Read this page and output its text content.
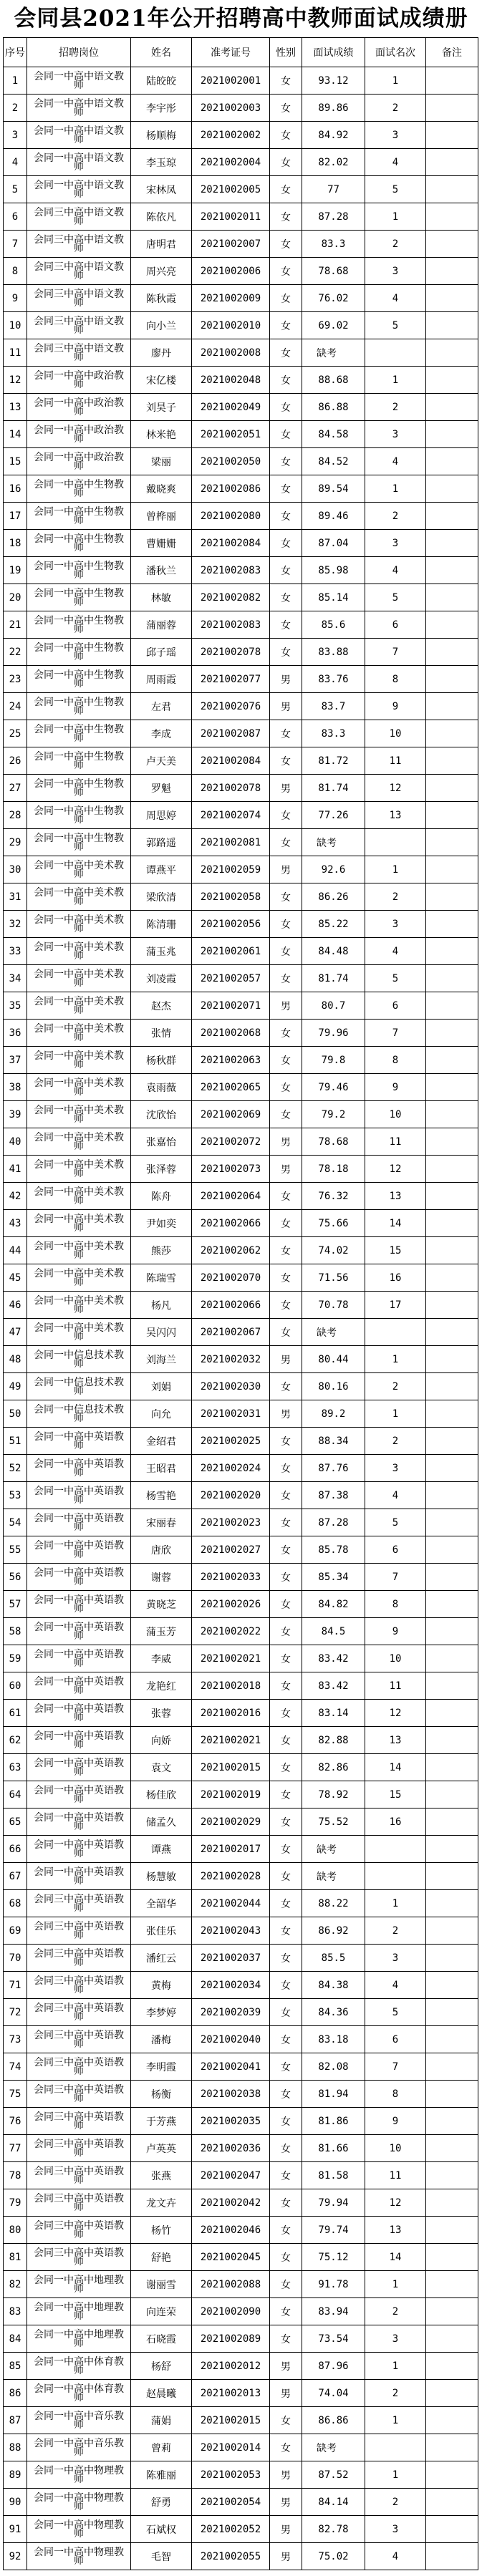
会同县2021年公开招聘高中教师面试成绩册
序号	招聘岗位	姓名	准考证号	性别	面试成绩	面试名次	备注
1	会同一中高中语文教师	陆皎皎	2021002001	女	93.12	1	
2	会同一中高中语文教师	李宇彤	2021002003	女	89.86	2	
3	会同一中高中语文教师	杨顺梅	2021002002	女	84.92	3	
4	会同一中高中语文教师	李玉琼	2021002004	女	82.02	4	
5	会同一中高中语文教师	宋林凤	2021002005	女	77	5	
6	会同三中高中语文教师	陈依凡	2021002011	女	87.28	1	
7	会同三中高中语文教师	唐明君	2021002007	女	83.3	2	
8	会同三中高中语文教师	周兴亮	2021002006	女	78.68	3	
9	会同三中高中语文教师	陈秋霞	2021002009	女	76.02	4	
10	会同三中高中语文教师	向小兰	2021002010	女	69.02	5	
11	会同三中高中语文教师	廖丹	2021002008	女	缺考		
12	会同一中高中政治教师	宋亿楼	2021002048	女	88.68	1	
13	会同一中高中政治教师	刘昊子	2021002049	女	86.88	2	
14	会同一中高中政治教师	林米艳	2021002051	女	84.58	3	
15	会同一中高中政治教师	梁丽	2021002050	女	84.52	4	
16	会同一中高中生物教师	戴晓爽	2021002086	女	89.54	1	
17	会同一中高中生物教师	曾桦丽	2021002080	女	89.46	2	
18	会同一中高中生物教师	曹姗姗	2021002084	女	87.04	3	
19	会同一中高中生物教师	潘秋兰	2021002083	女	85.98	4	
20	会同一中高中生物教师	林敏	2021002082	女	85.14	5	
21	会同一中高中生物教师	蒲丽蓉	2021002083	女	85.6	6	
22	会同一中高中生物教师	邱子瑶	2021002078	女	83.88	7	
23	会同一中高中生物教师	周雨霞	2021002077	男	83.76	8	
24	会同一中高中生物教师	左君	2021002076	男	83.7	9	
25	会同一中高中生物教师	李成	2021002087	女	83.3	10	
26	会同一中高中生物教师	卢天美	2021002084	女	81.72	11	
27	会同一中高中生物教师	罗魁	2021002078	男	81.74	12	
28	会同一中高中生物教师	周思婷	2021002074	女	77.26	13	
29	会同一中高中生物教师	郭路遥	2021002081	女	缺考		
30	会同一中高中美术教师	谭燕平	2021002059	男	92.6	1	
31	会同一中高中美术教师	梁欣清	2021002058	女	86.26	2	
32	会同一中高中美术教师	陈清珊	2021002056	女	85.22	3	
33	会同一中高中美术教师	蒲玉兆	2021002061	女	84.48	4	
34	会同一中高中美术教师	刘凌霞	2021002057	女	81.74	5	
35	会同一中高中美术教师	赵杰	2021002071	男	80.7	6	
36	会同一中高中美术教师	张情	2021002068	女	79.96	7	
37	会同一中高中美术教师	杨秋群	2021002063	女	79.8	8	
38	会同一中高中美术教师	袁雨薇	2021002065	女	79.46	9	
39	会同一中高中美术教师	沈欣怡	2021002069	女	79.2	10	
40	会同一中高中美术教师	张嘉怡	2021002072	男	78.68	11	
41	会同一中高中美术教师	张泽蓉	2021002073	男	78.18	12	
42	会同一中高中美术教师	陈舟	2021002064	女	76.32	13	
43	会同一中高中美术教师	尹如奕	2021002066	女	75.66	14	
44	会同一中高中美术教师	熊莎	2021002062	女	74.02	15	
45	会同一中高中美术教师	陈瑞雪	2021002070	女	71.56	16	
46	会同一中高中美术教师	杨凡	2021002066	女	70.78	17	
47	会同一中高中美术教师	吴闪闪	2021002067	女	缺考		
48	会同一中信息技术教师	刘海兰	2021002032	男	80.44	1	
49	会同一中信息技术教师	刘娟	2021002030	女	80.16	2	
50	会同一中信息技术教师	向允	2021002031	男	89.2	1	
51	会同一中高中英语教师	金绍君	2021002025	女	88.34	2	
52	会同一中高中英语教师	王昭君	2021002024	女	87.76	3	
53	会同一中高中英语教师	杨雪艳	2021002020	女	87.38	4	
54	会同一中高中英语教师	宋丽春	2021002023	女	87.28	5	
55	会同一中高中英语教师	唐欣	2021002027	女	85.78	6	
56	会同一中高中英语教师	谢蓉	2021002033	女	85.34	7	
57	会同一中高中英语教师	黄晓芝	2021002026	女	84.82	8	
58	会同一中高中英语教师	蒲玉芳	2021002022	女	84.5	9	
59	会同一中高中英语教师	李威	2021002021	女	83.42	10	
60	会同一中高中英语教师	龙艳红	2021002018	女	83.42	11	
61	会同一中高中英语教师	张蓉	2021002016	女	83.14	12	
62	会同一中高中英语教师	向娇	2021002021	女	82.88	13	
63	会同一中高中英语教师	袁文	2021002015	女	82.86	14	
64	会同一中高中英语教师	杨佳欣	2021002019	女	78.92	15	
65	会同一中高中英语教师	储孟久	2021002029	女	75.52	16	
66	会同一中高中英语教师	谭燕	2021002017	女	缺考		
67	会同一中高中英语教师	杨慧敏	2021002028	女	缺考		
68	会同三中高中英语教师	全韶华	2021002044	女	88.22	1	
69	会同三中高中英语教师	张佳乐	2021002043	女	86.92	2	
70	会同三中高中英语教师	潘红云	2021002037	女	85.5	3	
71	会同三中高中英语教师	黄梅	2021002034	女	84.38	4	
72	会同三中高中英语教师	李梦婷	2021002039	女	84.36	5	
73	会同三中高中英语教师	潘梅	2021002040	女	83.18	6	
74	会同三中高中英语教师	李明霞	2021002041	女	82.08	7	
75	会同三中高中英语教师	杨衡	2021002038	女	81.94	8	
76	会同三中高中英语教师	于芳燕	2021002035	女	81.86	9	
77	会同三中高中英语教师	卢英英	2021002036	女	81.66	10	
78	会同三中高中英语教师	张燕	2021002047	女	81.58	11	
79	会同三中高中英语教师	龙文卉	2021002042	女	79.94	12	
80	会同三中高中英语教师	杨竹	2021002046	女	79.74	13	
81	会同三中高中英语教师	舒艳	2021002045	女	75.12	14	
82	会同一中高中地理教师	谢丽雪	2021002088	女	91.78	1	
83	会同一中高中地理教师	向连荣	2021002090	女	83.94	2	
84	会同一中高中地理教师	石晓霞	2021002089	女	73.54	3	
85	会同一中高中体育教师	杨舒	2021002012	男	87.96	1	
86	会同一中高中体育教师	赵晨曦	2021002013	男	74.04	2	
87	会同一中高中音乐教师	蒲娟	2021002015	女	86.86	1	
88	会同一中高中音乐教师	曾莉	2021002014	女	缺考		
89	会同一中高中物理教师	陈雅丽	2021002053	男	87.52	1	
90	会同一中高中物理教师	舒勇	2021002054	男	84.14	2	
91	会同一中高中物理教师	石斌权	2021002052	男	82.78	3	
92	会同一中高中物理教师	毛智	2021002055	男	75.02	4	
